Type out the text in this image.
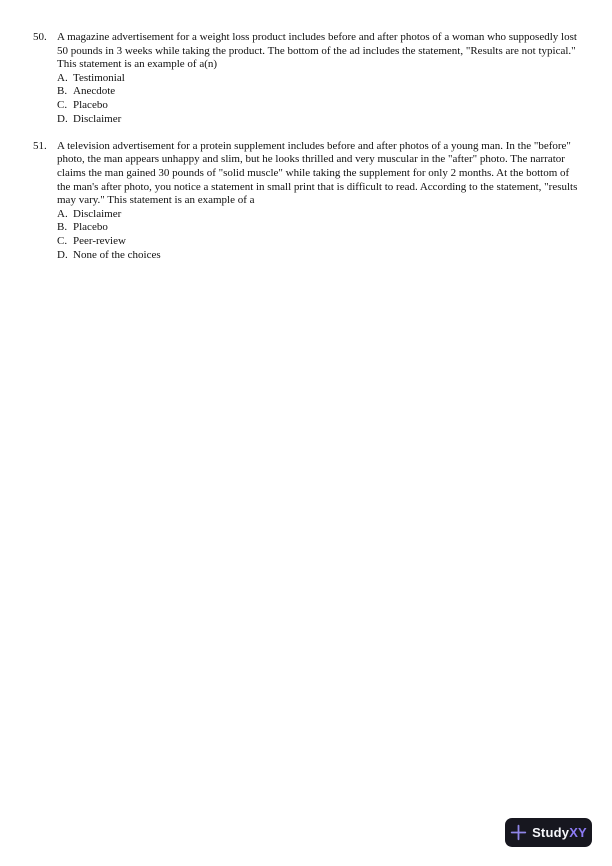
50. A magazine advertisement for a weight loss product includes before and after photos of a woman who supposedly lost 50 pounds in 3 weeks while taking the product. The bottom of the ad includes the statement, "Results are not typical." This statement is an example of a(n)
A. Testimonial
B. Anecdote
C. Placebo
D. Disclaimer
51. A television advertisement for a protein supplement includes before and after photos of a young man. In the "before" photo, the man appears unhappy and slim, but he looks thrilled and very muscular in the "after" photo. The narrator claims the man gained 30 pounds of "solid muscle" while taking the supplement for only 2 months. At the bottom of the man's after photo, you notice a statement in small print that is difficult to read. According to the statement, "results may vary." This statement is an example of a
A. Disclaimer
B. Placebo
C. Peer-review
D. None of the choices
Study XY
